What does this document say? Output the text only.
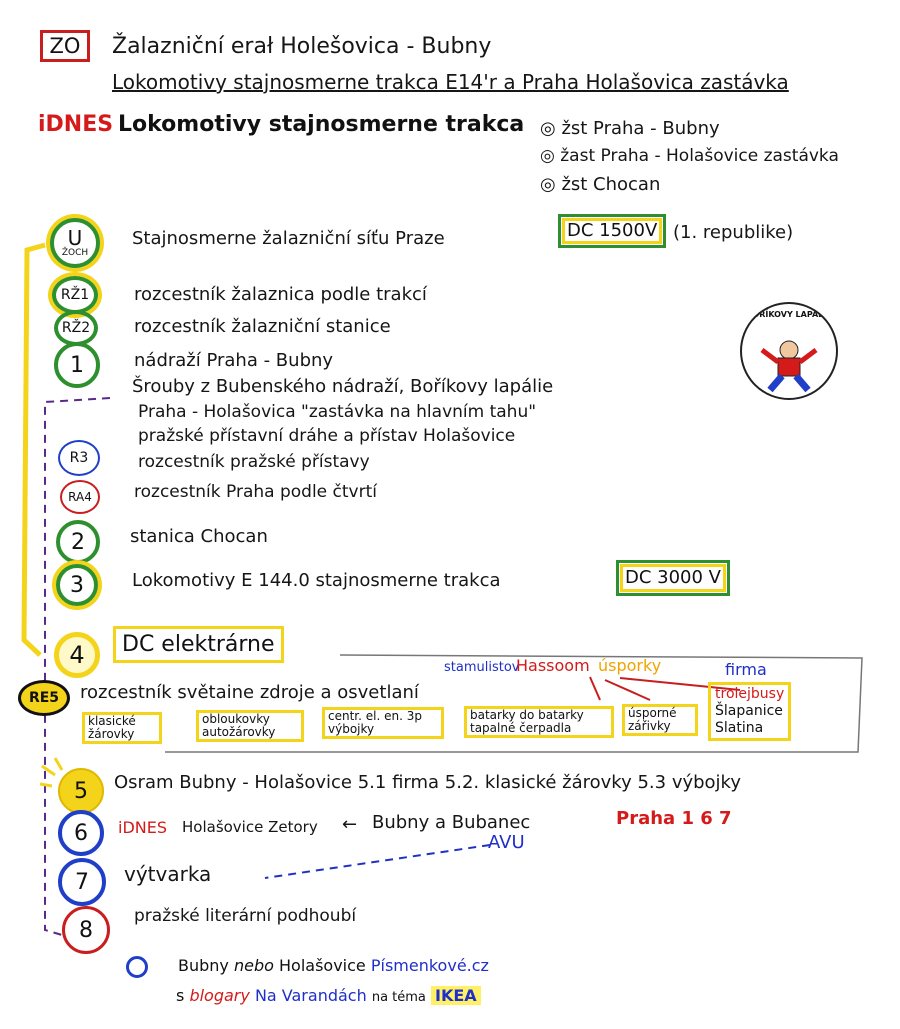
ZO	Žalazniční erał Holešovica - Bubny
Lokomotivy stajnosmerne trakca E14'r a Praha Holašovica zastávka
iDNES Lokomotivy stajnosmerne trakca ◎ žst Praha - Bubny
◎ žast Praha - Holašovice zastávka
◎ žst Chocan
BOŘÍKOVY LAPÁLIE
U
ŽOCH
Stajnosmerne žalazniční síťu Praze	DC 1500V (1. republike)
RŽ1	rozcestník žalaznica podle trakcí
RŽ2	rozcestník žalazniční stanice
1	nádraží Praha - Bubny
Šrouby z Bubenského nádraží, Boříkovy lapálie
Praha - Holašovica "zastávka na hlavním tahu"
pražské přístavní dráhe a přístav Holašovice
R3	rozcestník pražské přístavy
RA4	rozcestník Praha podle čtvrtí
2	stanica Chocan
3	Lokomotivy E 144.0 stajnosmerne trakca	DC 3000 V
4	DC elektrárne
stamulistov
Hassoom úsporky	firma
RE5	rozcestník světaine zdroje a osvetlaní	trolejbusy
Šlapanice
Slatina
klasické žárovky
obloukovky autožárovky
centr. el. en. 3p výbojky
batarky do batarky tapalné čerpadla
úsporné zářivky
5	Osram Bubny - Holašovice 5.1 firma 5.2. klasické žárovky 5.3 výbojky
6	iDNES Holašovice Zetory ← Bubny a Bubanec	Praha 1 6 7
AVU
7	výtvarka
8
pražské literární podhoubí
Bubny nebo Holašovice Písmenkové.cz
s blogary Na Varandách na téma IKEA
